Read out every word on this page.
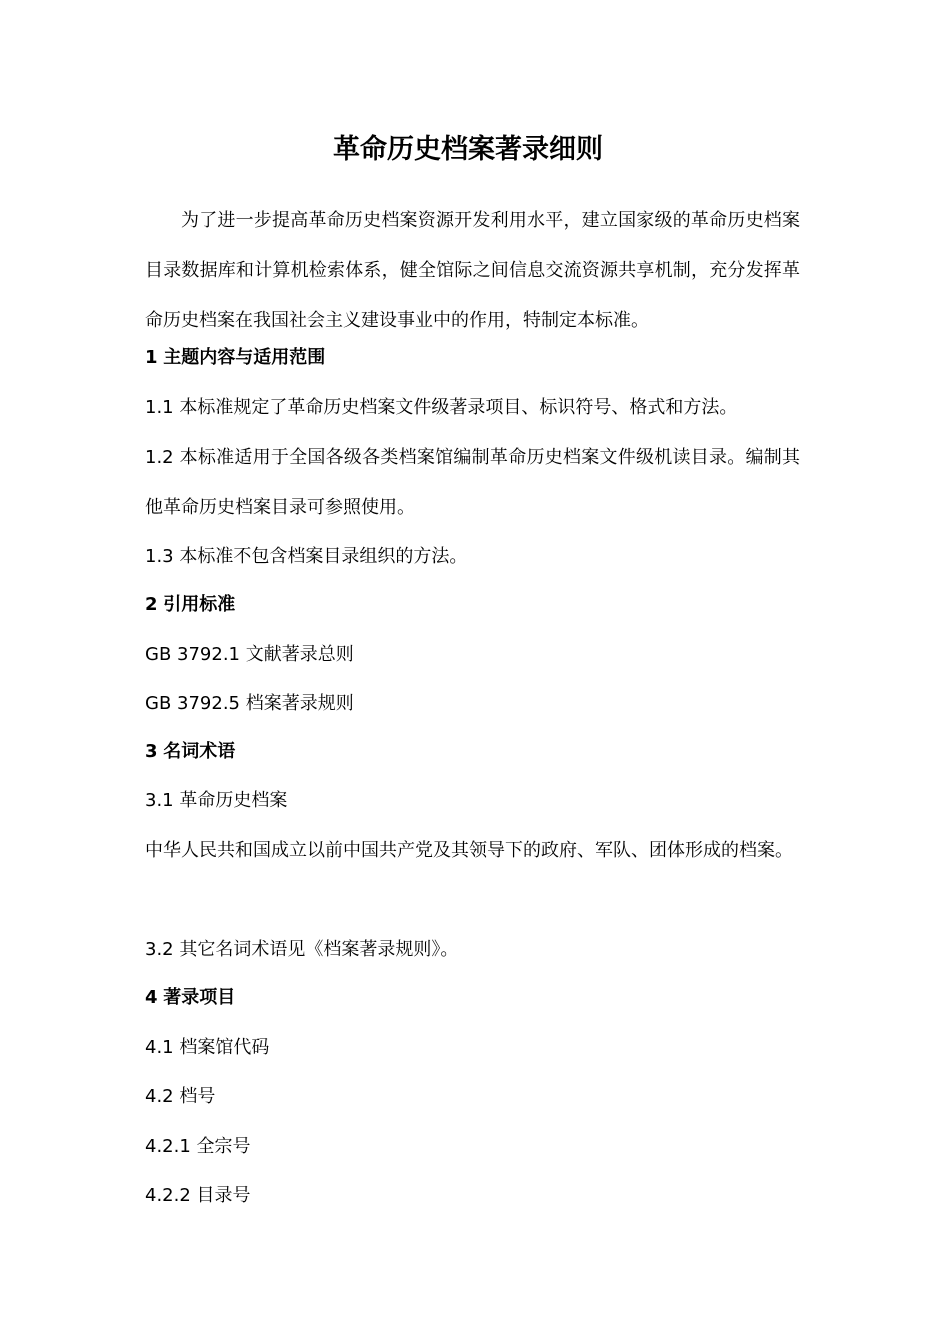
革命历史档案著录细则

为了进一步提高革命历史档案资源开发利用水平，建立国家级的革命历史档案目录数据库和计算机检索体系，健全馆际之间信息交流资源共享机制，充分发挥革命历史档案在我国社会主义建设事业中的作用，特制定本标准。

1 主题内容与适用范围
1.1 本标准规定了革命历史档案文件级著录项目、标识符号、格式和方法。

1.2 本标准适用于全国各级各类档案馆编制革命历史档案文件级机读目录。编制其他革命历史档案目录可参照使用。

1.3 本标准不包含档案目录组织的方法。
2 引用标准
GB 3792.1 文献著录总则
GB 3792.5 档案著录规则
3 名词术语
3.1 革命历史档案

中华人民共和国成立以前中国共产党及其领导下的政府、军队、团体形成的档案。

3.2 其它名词术语见《档案著录规则》。
4 著录项目
4.1 档案馆代码
4.2 档号
4.2.1 全宗号
4.2.2 目录号
